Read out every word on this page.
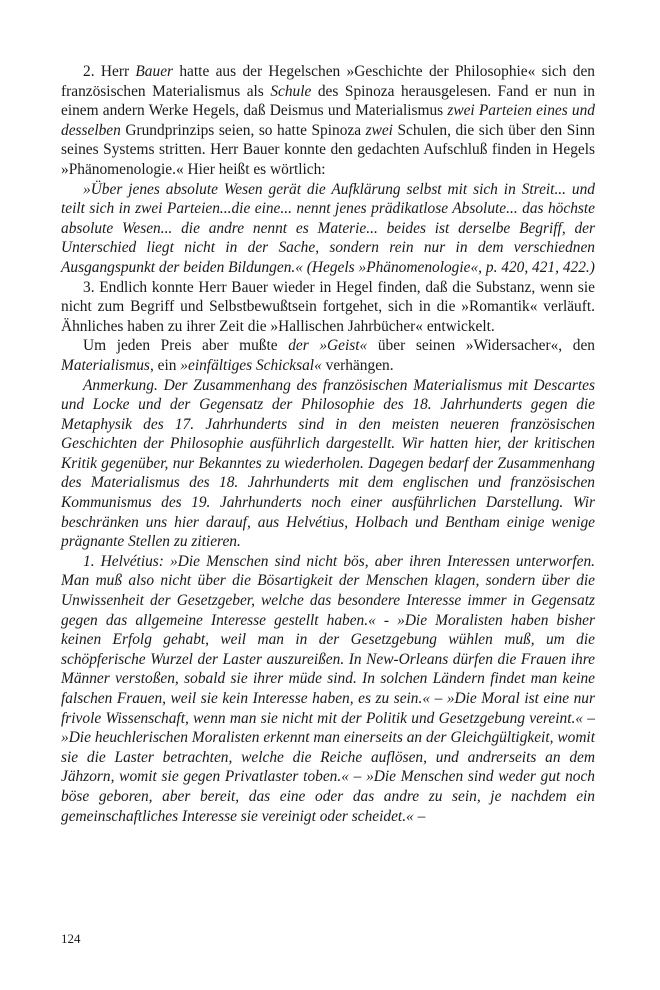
2. Herr Bauer hatte aus der Hegelschen »Geschichte der Philosophie« sich den französischen Materialismus als Schule des Spinoza herausgelesen. Fand er nun in einem andern Werke Hegels, daß Deismus und Materialismus zwei Parteien eines und desselben Grundprinzips seien, so hatte Spinoza zwei Schulen, die sich über den Sinn seines Systems stritten. Herr Bauer konnte den gedachten Aufschluß finden in Hegels »Phänomenologie.« Hier heißt es wörtlich:

»Über jenes absolute Wesen gerät die Aufklärung selbst mit sich in Streit... und teilt sich in zwei Parteien...die eine... nennt jenes prädikatlose Absolute... das höchste absolute Wesen... die andre nennt es Materie... beides ist derselbe Begriff, der Unterschied liegt nicht in der Sache, sondern rein nur in dem verschiednen Ausgangspunkt der beiden Bildungen.« (Hegels »Phänomenologie«, p. 420, 421, 422.)

3. Endlich konnte Herr Bauer wieder in Hegel finden, daß die Substanz, wenn sie nicht zum Begriff und Selbstbewußtsein fortgehet, sich in die »Romantik« verläuft. Ähnliches haben zu ihrer Zeit die »Hallischen Jahrbücher« entwickelt.

Um jeden Preis aber mußte der »Geist« über seinen »Widersacher«, den Materialismus, ein »einfältiges Schicksal« verhängen.

Anmerkung. Der Zusammenhang des französischen Materialismus mit Descartes und Locke und der Gegensatz der Philosophie des 18. Jahrhunderts gegen die Metaphysik des 17. Jahrhunderts sind in den meisten neueren französischen Geschichten der Philosophie ausführlich dargestellt. Wir hatten hier, der kritischen Kritik gegenüber, nur Bekanntes zu wiederholen. Dagegen bedarf der Zusammenhang des Materialismus des 18. Jahrhunderts mit dem englischen und französischen Kommunismus des 19. Jahrhunderts noch einer ausführlichen Darstellung. Wir beschränken uns hier darauf, aus Helvétius, Holbach und Bentham einige wenige prägnante Stellen zu zitieren.

1. Helvétius: »Die Menschen sind nicht bös, aber ihren Interessen unterworfen. Man muß also nicht über die Bösartigkeit der Menschen klagen, sondern über die Unwissenheit der Gesetzgeber, welche das besondere Interesse immer in Gegensatz gegen das allgemeine Interesse gestellt haben.« - »Die Moralisten haben bisher keinen Erfolg gehabt, weil man in der Gesetzgebung wühlen muß, um die schöpferische Wurzel der Laster auszureißen. In New-Orleans dürfen die Frauen ihre Männer verstoßen, sobald sie ihrer müde sind. In solchen Ländern findet man keine falschen Frauen, weil sie kein Interesse haben, es zu sein.« – »Die Moral ist eine nur frivole Wissenschaft, wenn man sie nicht mit der Politik und Gesetzgebung vereint.« – »Die heuchlerischen Moralisten erkennt man einerseits an der Gleichgültigkeit, womit sie die Laster betrachten, welche die Reiche auflösen, und andrerseits an dem Jähzorn, womit sie gegen Privatlaster toben.« – »Die Menschen sind weder gut noch böse geboren, aber bereit, das eine oder das andre zu sein, je nachdem ein gemeinschaftliches Interesse sie vereinigt oder scheidet.« –

124
